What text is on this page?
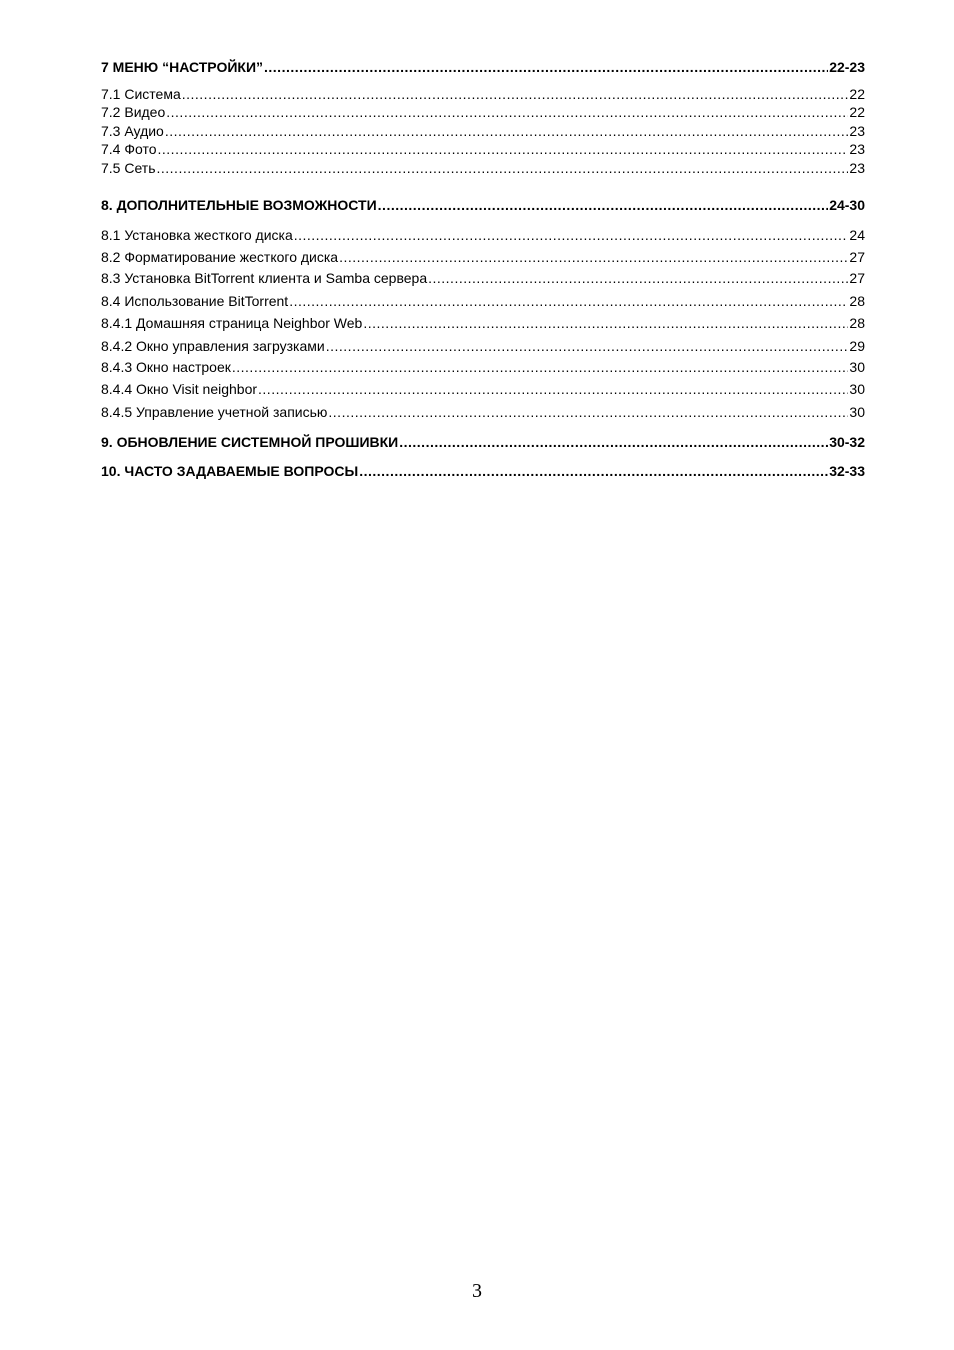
7 МЕНЮ “НАСТРОЙКИ” .....	22-23
7.1 Система .....	22
7.2 Видео .....	22
7.3 Аудио .....	23
7.4 Фото .....	23
7.5 Сеть .....	23
8. ДОПОЛНИТЕЛЬНЫЕ ВОЗМОЖНОСТИ .....	24-30
8.1 Установка жесткого диска .....	24
8.2 Форматирование жесткого диска .....	27
8.3 Установка BitTorrent клиента и Samba сервера .....	27
8.4 Использование BitTorrent .....	28
8.4.1 Домашняя страница Neighbor Web .....	28
8.4.2 Окно управления загрузками .....	29
8.4.3 Окно настроек .....	30
8.4.4 Окно Visit neighbor .....	30
8.4.5 Управление учетной записью .....	30
9. ОБНОВЛЕНИЕ СИСТЕМНОЙ ПРОШИВКИ .....	30-32
10. ЧАСТО ЗАДАВАЕМЫЕ ВОПРОСЫ .....	32-33
3
